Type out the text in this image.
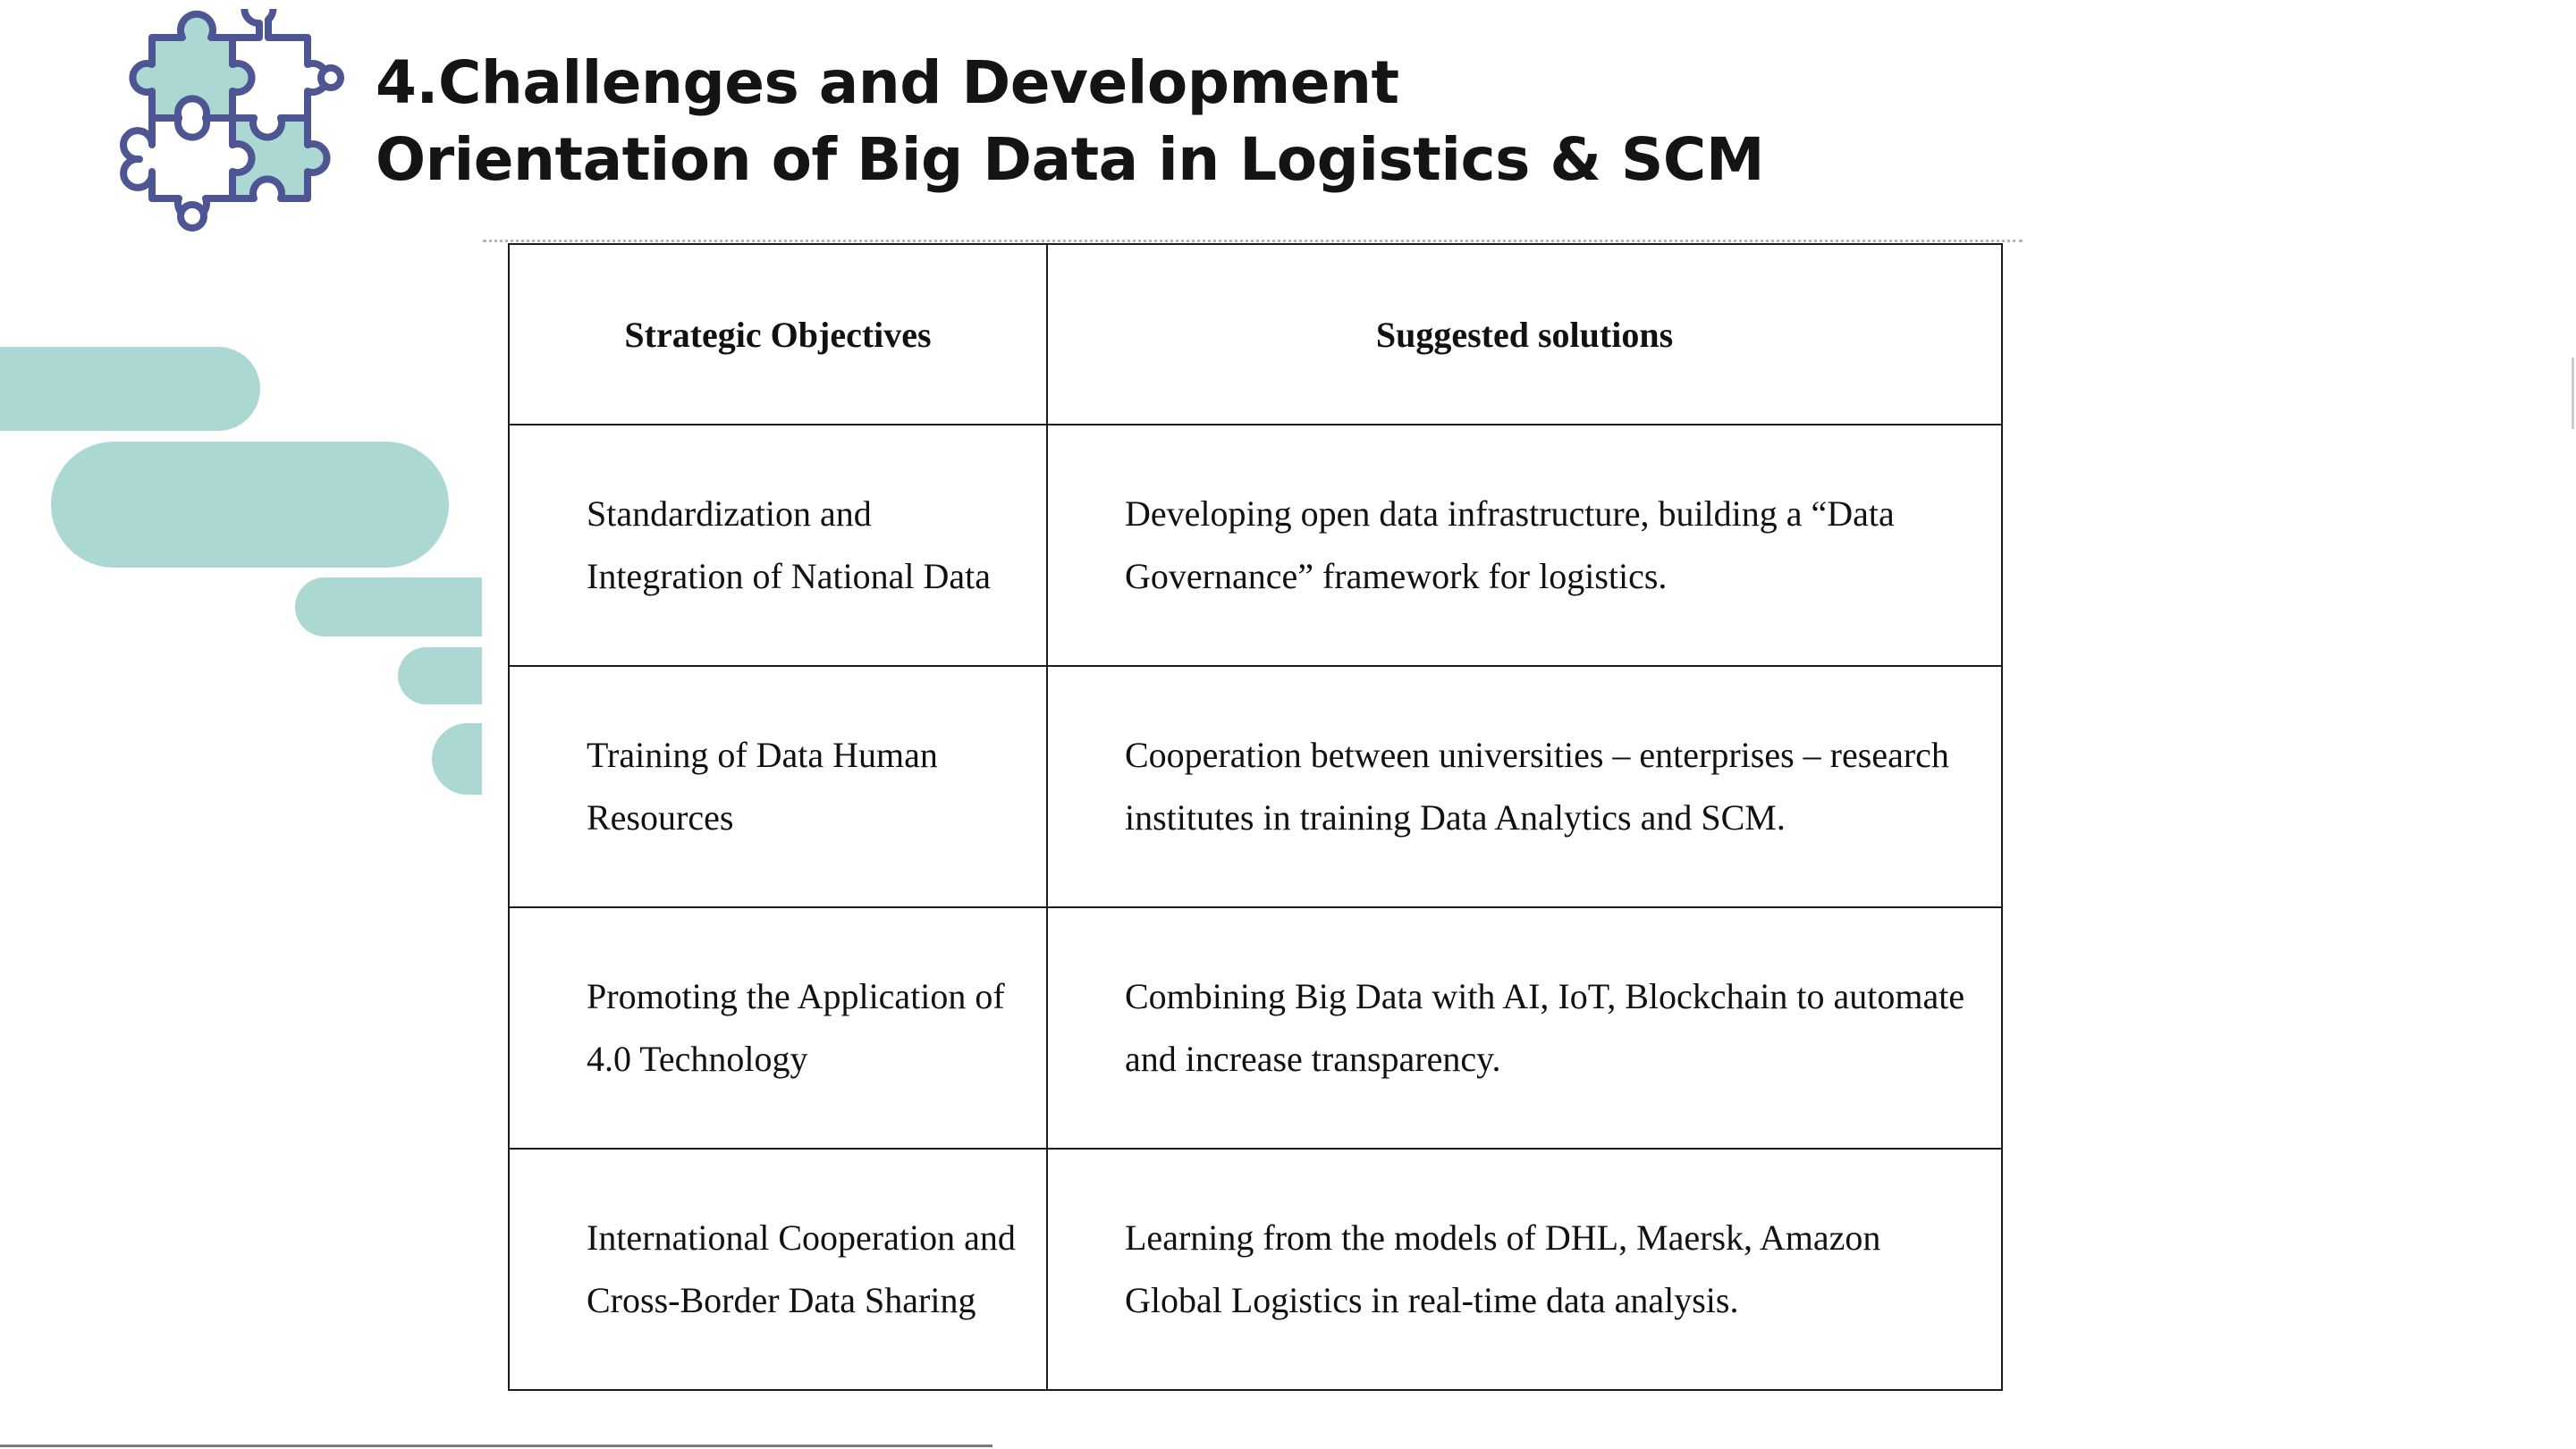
4.Challenges and Development
Orientation of Big Data in Logistics & SCM
Strategic Objectives	Suggested solutions
Standardization and Integration of National Data	Developing open data infrastructure, building a “Data Governance” framework for logistics.
Training of Data Human Resources	Cooperation between universities – enterprises – research institutes in training Data Analytics and SCM.
Promoting the Application of 4.0 Technology	Combining Big Data with AI, IoT, Blockchain to automate and increase transparency.
International Cooperation and Cross-Border Data Sharing	Learning from the models of DHL, Maersk, Amazon Global Logistics in real-time data analysis.
